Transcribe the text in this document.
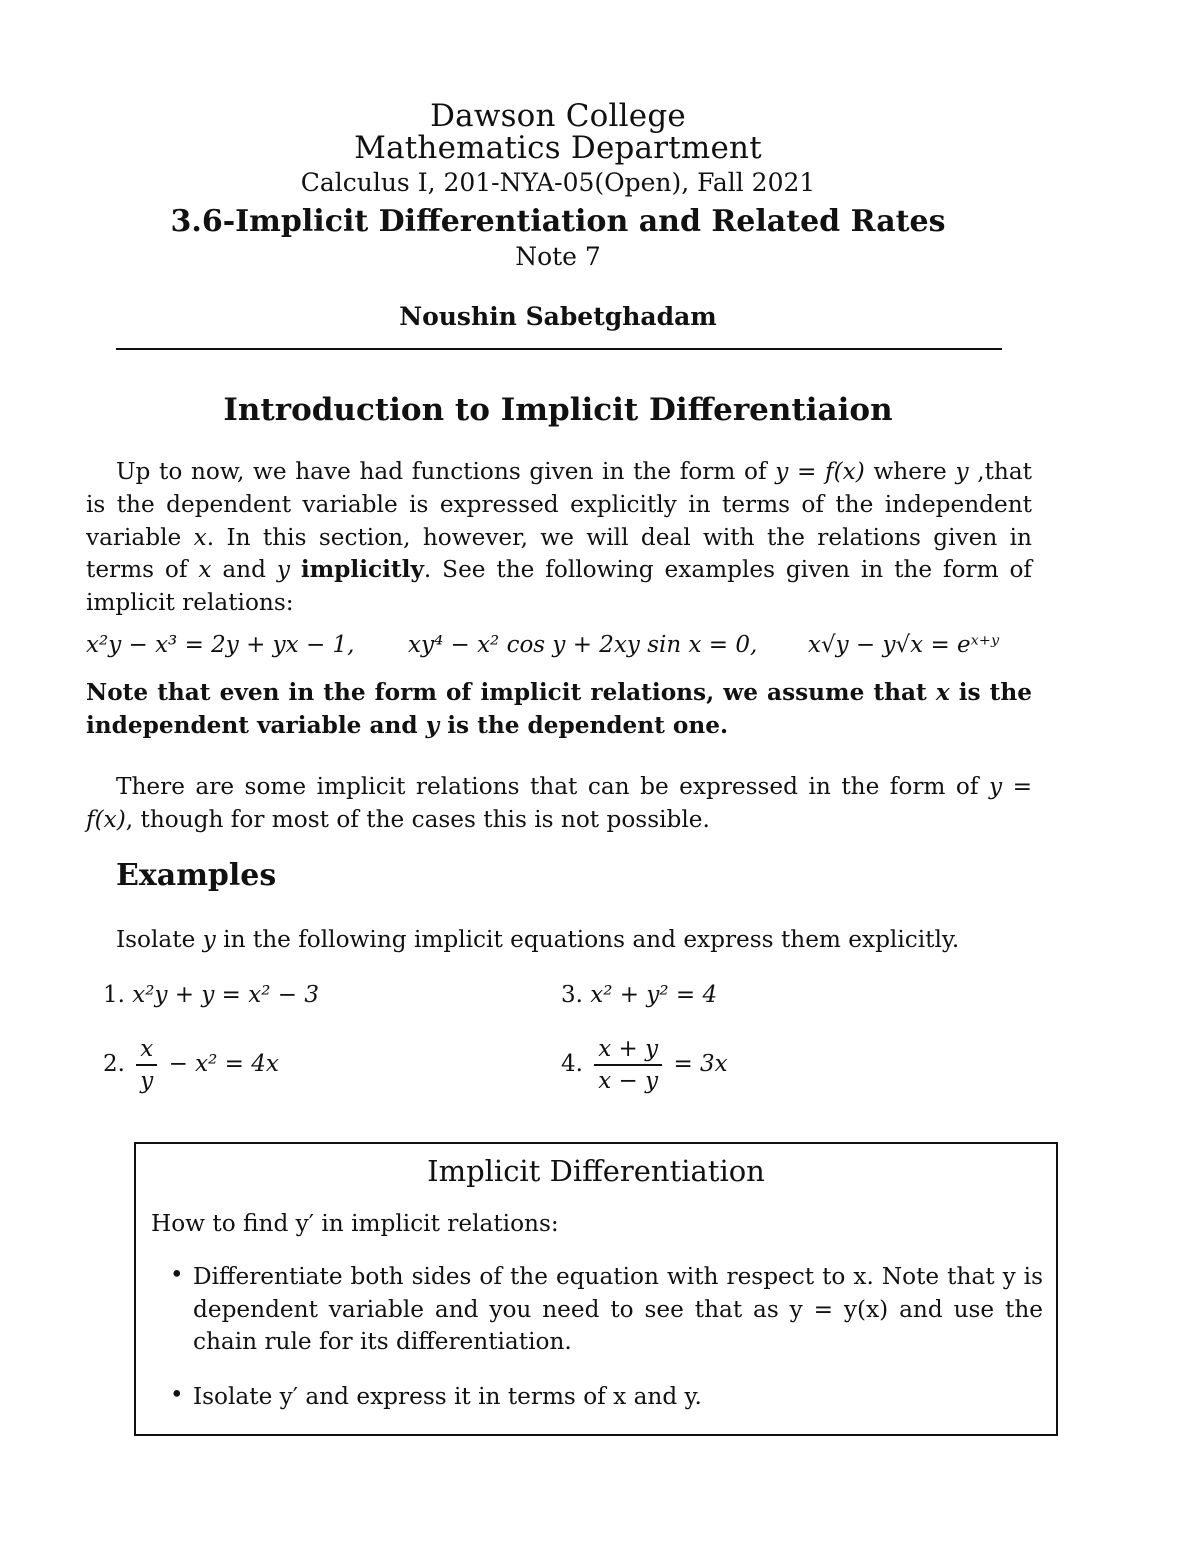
Dawson College
Mathematics Department
Calculus I, 201-NYA-05(Open), Fall 2021
3.6-Implicit Differentiation and Related Rates
Note 7
Noushin Sabetghadam
Introduction to Implicit Differentiaion
Up to now, we have had functions given in the form of y = f(x) where y ,that is the dependent variable is expressed explicitly in terms of the independent variable x. In this section, however, we will deal with the relations given in terms of x and y implicitly. See the following examples given in the form of implicit relations:
x²y − x³ = 2y + yx − 1, xy⁴ − x² cos y + 2xy sin x = 0, x√y − y√x = eˣ⁺ʸ
Note that even in the form of implicit relations, we assume that x is the independent variable and y is the dependent one.
There are some implicit relations that can be expressed in the form of y = f(x), though for most of the cases this is not possible.
Examples
Isolate y in the following implicit equations and express them explicitly.
1. x²y + y = x² − 3	3. x² + y² = 4
2. $\frac{x}{y} - x^2 = 4x$	4. $\frac{x + y}{x - y} = 3x$
Implicit Differentiation
How to find y′ in implicit relations:
• Differentiate both sides of the equation with respect to x. Note that y is dependent variable and you need to see that as y = y(x) and use the chain rule for its differentiation.
• Isolate y′ and express it in terms of x and y.
